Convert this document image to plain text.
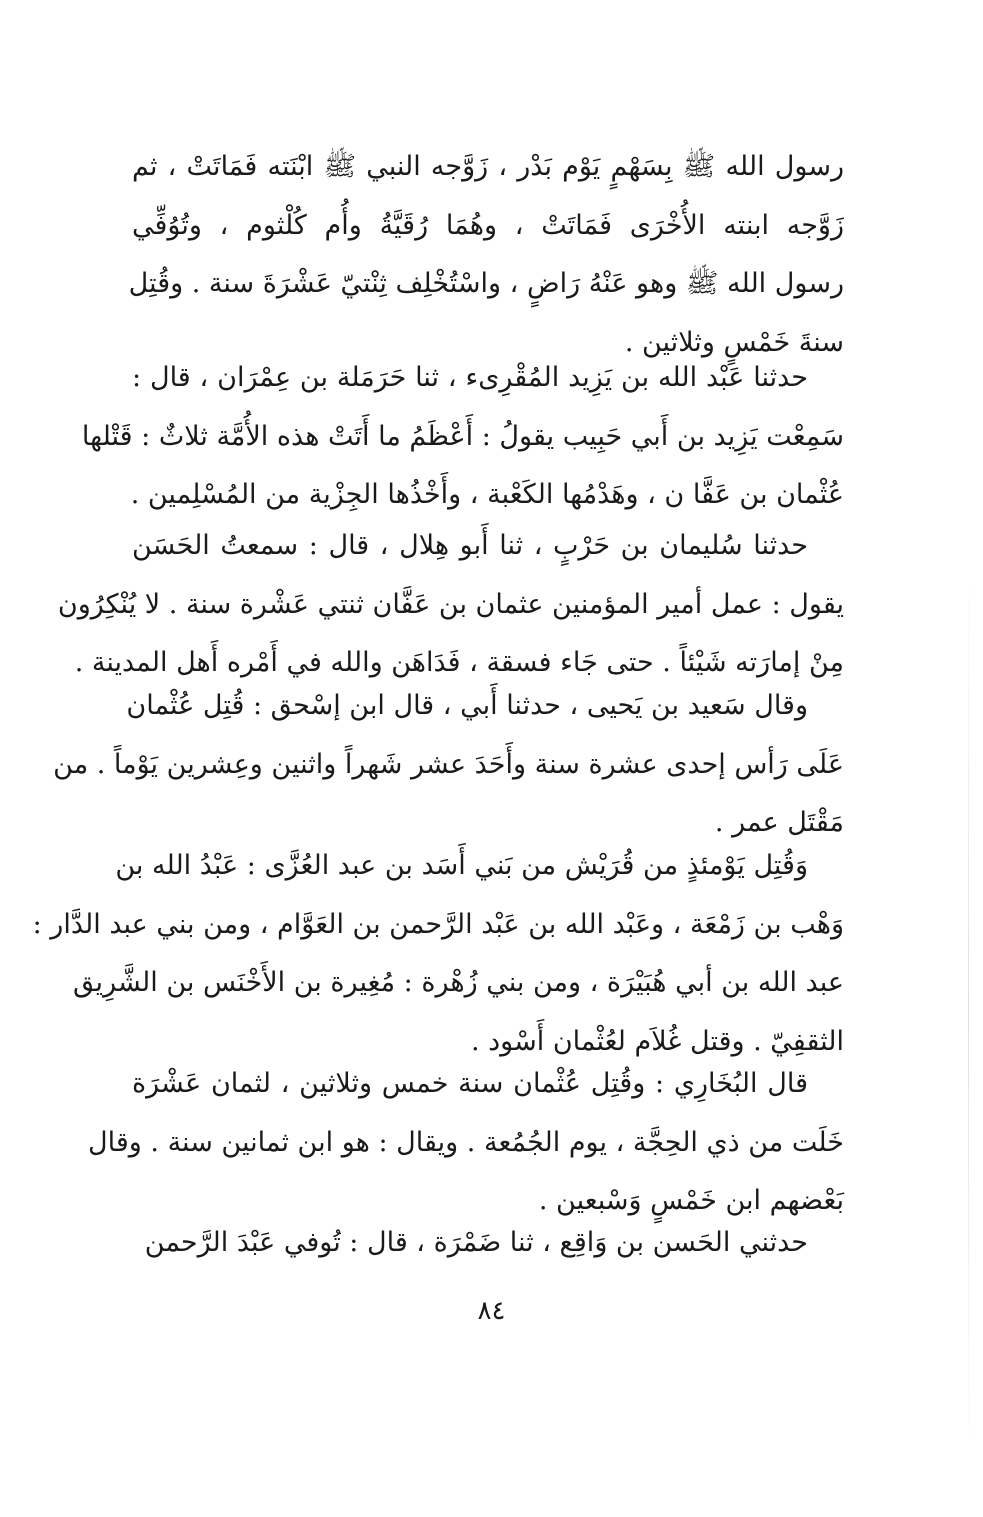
رسول الله ﷺ بِسَهْمٍ يَوْم بَدْر ، زَوَّجه النبي ﷺ ابْنَته فَمَاتَتْ ، ثم
زَوَّجه ابنته الأُخْرَى فَمَاتَتْ ، وهُمَا رُقَيَّةُ وأُم كُلْثوم ، وتُوُفِّي
رسول الله ﷺ وهو عَنْهُ رَاضٍ ، واسْتُخْلِف ثِنْتيّ عَشْرَةَ سنة . وقُتِل
سنةَ خَمْسٍ وثلاثين .
حدثنا عَبْد الله بن يَزِيد المُقْرِىء ، ثنا حَرَمَلة بن عِمْرَان ، قال :
سَمِعْت يَزِيد بن أَبي حَبِيب يقولُ : أَعْظَمُ ما أَتَتْ هذه الأُمَّة ثلاثٌ : قَتْلها
عُثْمان بن عَفَّا ن ، وهَدْمُها الكَعْبة ، وأَخْذُها الجِزْية من المُسْلِمين .
حدثنا سُليمان بن حَرْبٍ ، ثنا أَبو هِلال ، قال : سمعتُ الحَسَن
يقول : عمل أمير المؤمنين عثمان بن عَفَّان ثنتي عَشْرة سنة . لا يُنْكِرُون
مِنْ إمارَته شَيْئاً . حتى جَاء فسقة ، فَدَاهَن والله في أَمْره أَهل المدينة .
وقال سَعيد بن يَحيى ، حدثنا أَبي ، قال ابن إسْحق : قُتِل عُثْمان
عَلَى رَأس إحدى عشرة سنة وأَحَدَ عشر شَهراً واثنين وعِشرين يَوْماً . من
مَقْتَل عمر .
وَقُتِل يَوْمئذٍ من قُرَيْش من بَني أَسَد بن عبد العُزَّى : عَبْدُ الله بن
وَهْب بن زَمْعَة ، وعَبْد الله بن عَبْد الرَّحمن بن العَوَّام ، ومن بني عبد الدَّار :
عبد الله بن أبي هُبَيْرَة ، ومن بني زُهْرة : مُغِيرة بن الأَخْنَس بن الشَّرِيق
الثقفِيّ . وقتل غُلاَم لعُثْمان أَسْود .
قال البُخَارِي : وقُتِل عُثْمان سنة خمس وثلاثين ، لثمان عَشْرَة
خَلَت من ذي الحِجَّة ، يوم الجُمُعة . ويقال : هو ابن ثمانين سنة . وقال
بَعْضهم ابن خَمْسٍ وَسْبعين .
حدثني الحَسن بن وَاقِع ، ثنا ضَمْرَة ، قال : تُوفي عَبْدَ الرَّحمن
٨٤
